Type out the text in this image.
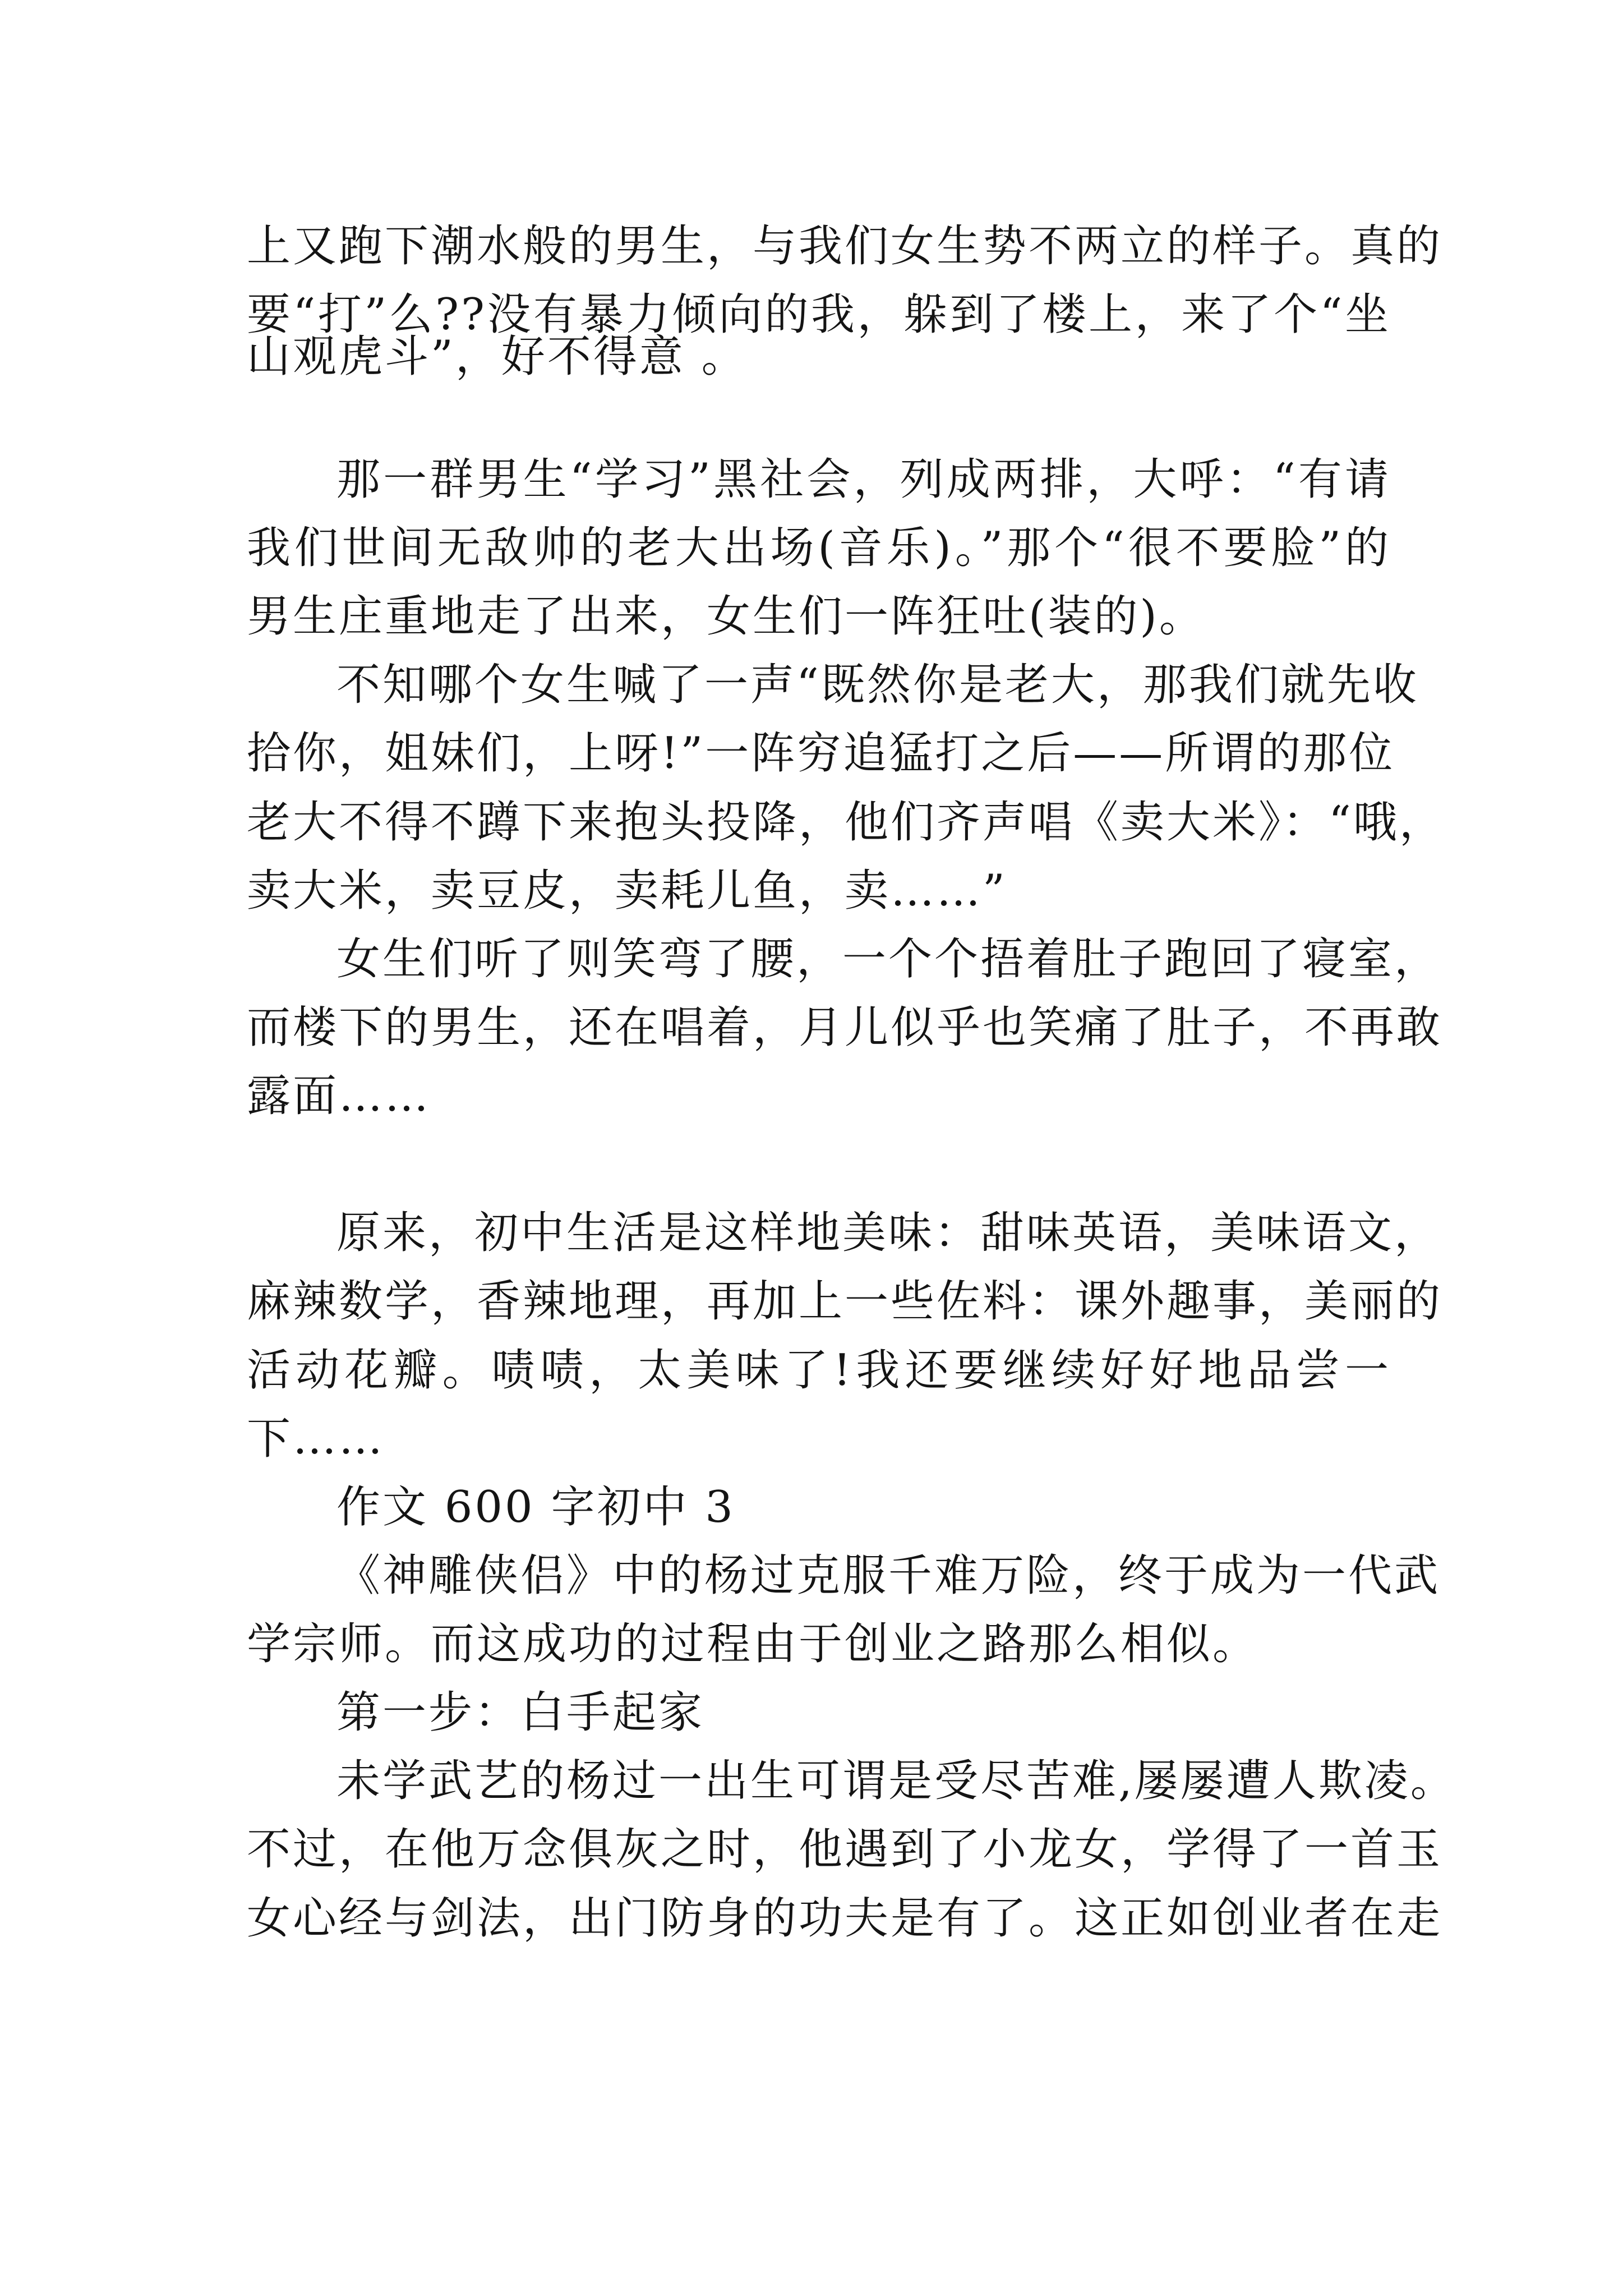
上又跑下潮水般的男生，与我们女生势不两立的样子。真的

要“打”么??没有暴力倾向的我，躲到了楼上，来了个“坐

山观虎斗”，好不得意 。

那一群男生“学习”黑社会，列成两排，大呼：“有请

我们世间无敌帅的老大出场(音乐)。”那个“很不要脸”的

男生庄重地走了出来，女生们一阵狂吐(装的)。

不知哪个女生喊了一声“既然你是老大，那我们就先收

拾你，姐妹们，上呀!”一阵穷追猛打之后——所谓的那位

老大不得不蹲下来抱头投降，他们齐声唱《卖大米》：“哦，

卖大米，卖豆皮，卖耗儿鱼，卖……”

女生们听了则笑弯了腰，一个个捂着肚子跑回了寝室，

而楼下的男生，还在唱着，月儿似乎也笑痛了肚子，不再敢

露面……

原来，初中生活是这样地美味：甜味英语，美味语文，

麻辣数学，香辣地理，再加上一些佐料：课外趣事，美丽的

活动花瓣。啧啧，太美味了!我还要继续好好地品尝一

下……

作文 600 字初中 3

《神雕侠侣》中的杨过克服千难万险，终于成为一代武

学宗师。而这成功的过程由于创业之路那么相似。

第一步：白手起家

未学武艺的杨过一出生可谓是受尽苦难,屡屡遭人欺凌。

不过，在他万念俱灰之时，他遇到了小龙女，学得了一首玉

女心经与剑法，出门防身的功夫是有了。这正如创业者在走
